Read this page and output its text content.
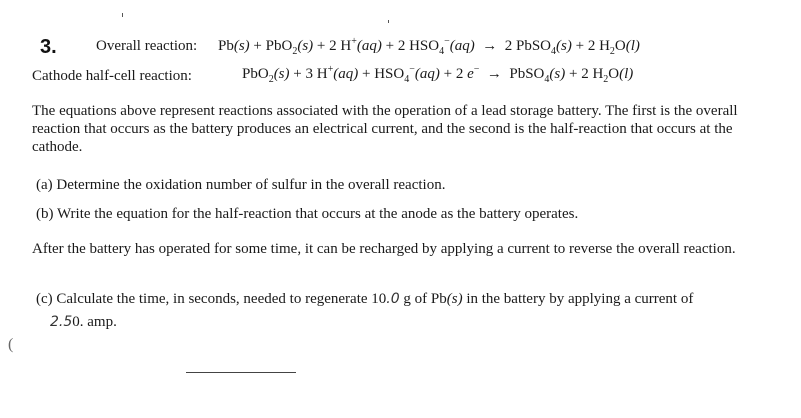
3.	Overall reaction: Pb(s) + PbO$_2$(s) + 2 H+(aq) + 2 $HSO_4^-(aq) \to 2$ PbSO$_4$(s) + 2 $H_2O(l)$
Cathode half-cell reaction:	PbO$_2$(s) + 3 $H^+(aq) + HSO_4^-(aq) + 2$ e− → PbSO$_4$(s) + 2 $H_2O(l)$
The equations above represent reactions associated with the operation of a lead storage battery. The first is the overall reaction that occurs as the battery produces an electrical current, and the second is the half-reaction that occurs at the cathode.
(a) Determine the oxidation number of sulfur in the overall reaction.
(b) Write the equation for the half-reaction that occurs at the anode as the battery operates.
After the battery has operated for some time, it can be recharged by applying a current to reverse the overall reaction.
(c) Calculate the time, in seconds, needed to regenerate 10.0 g of Pb(s) in the battery by applying a current of
2.50. amp.
(
